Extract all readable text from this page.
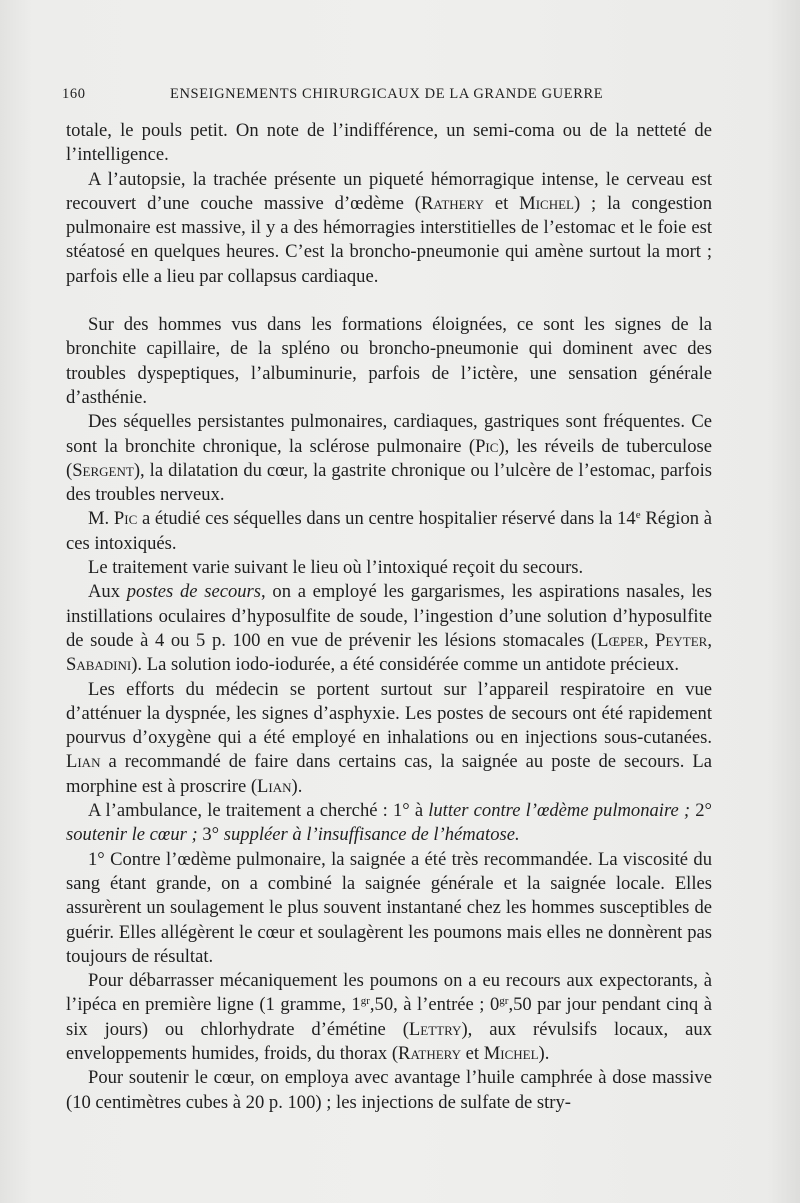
160	ENSEIGNEMENTS CHIRURGICAUX DE LA GRANDE GUERRE

totale, le pouls petit. On note de l’indifférence, un semi-coma ou de la netteté de l’intelligence.

A l’autopsie, la trachée présente un piqueté hémorragique intense, le cerveau est recouvert d’une couche massive d’œdème (Rathery et Michel) ; la congestion pulmonaire est massive, il y a des hémorragies interstitielles de l’estomac et le foie est stéatosé en quelques heures. C’est la broncho-pneumonie qui amène surtout la mort ; parfois elle a lieu par collapsus cardiaque.

Sur des hommes vus dans les formations éloignées, ce sont les signes de la bronchite capillaire, de la spléno ou broncho-pneumonie qui dominent avec des troubles dyspeptiques, l’albuminurie, parfois de l’ictère, une sensation générale d’asthénie.

Des séquelles persistantes pulmonaires, cardiaques, gastriques sont fréquentes. Ce sont la bronchite chronique, la sclérose pulmonaire (Pic), les réveils de tuberculose (Sergent), la dilatation du cœur, la gastrite chronique ou l’ulcère de l’estomac, parfois des troubles nerveux.

M. Pic a étudié ces séquelles dans un centre hospitalier réservé dans la 14e Région à ces intoxiqués.

Le traitement varie suivant le lieu où l’intoxiqué reçoit du secours.

Aux postes de secours, on a employé les gargarismes, les aspirations nasales, les instillations oculaires d’hyposulfite de soude, l’ingestion d’une solution d’hyposulfite de soude à 4 ou 5 p. 100 en vue de prévenir les lésions stomacales (Lœper, Peyter, Sabadini). La solution iodo-iodurée, a été considérée comme un antidote précieux.

Les efforts du médecin se portent surtout sur l’appareil respiratoire en vue d’atténuer la dyspnée, les signes d’asphyxie. Les postes de secours ont été rapidement pourvus d’oxygène qui a été employé en inhalations ou en injections sous-cutanées. Lian a recommandé de faire dans certains cas, la saignée au poste de secours. La morphine est à proscrire (Lian).

A l’ambulance, le traitement a cherché : 1° à lutter contre l’œdème pulmonaire ; 2° soutenir le cœur ; 3° suppléer à l’insuffisance de l’hématose.

1° Contre l’œdème pulmonaire, la saignée a été très recommandée. La viscosité du sang étant grande, on a combiné la saignée générale et la saignée locale. Elles assurèrent un soulagement le plus souvent instantané chez les hommes susceptibles de guérir. Elles allégèrent le cœur et soulagèrent les poumons mais elles ne donnèrent pas toujours de résultat.

Pour débarrasser mécaniquement les poumons on a eu recours aux expectorants, à l’ipéca en première ligne (1 gramme, $1^{gr},50$, à l’entrée ; $0^{gr},50$ par jour pendant cinq à six jours) ou chlorhydrate d’émétine (Lettry), aux révulsifs locaux, aux enveloppements humides, froids, du thorax (Rathery et Michel).

Pour soutenir le cœur, on employa avec avantage l’huile camphrée à dose massive (10 centimètres cubes à 20 p. 100) ; les injections de sulfate de stry-
